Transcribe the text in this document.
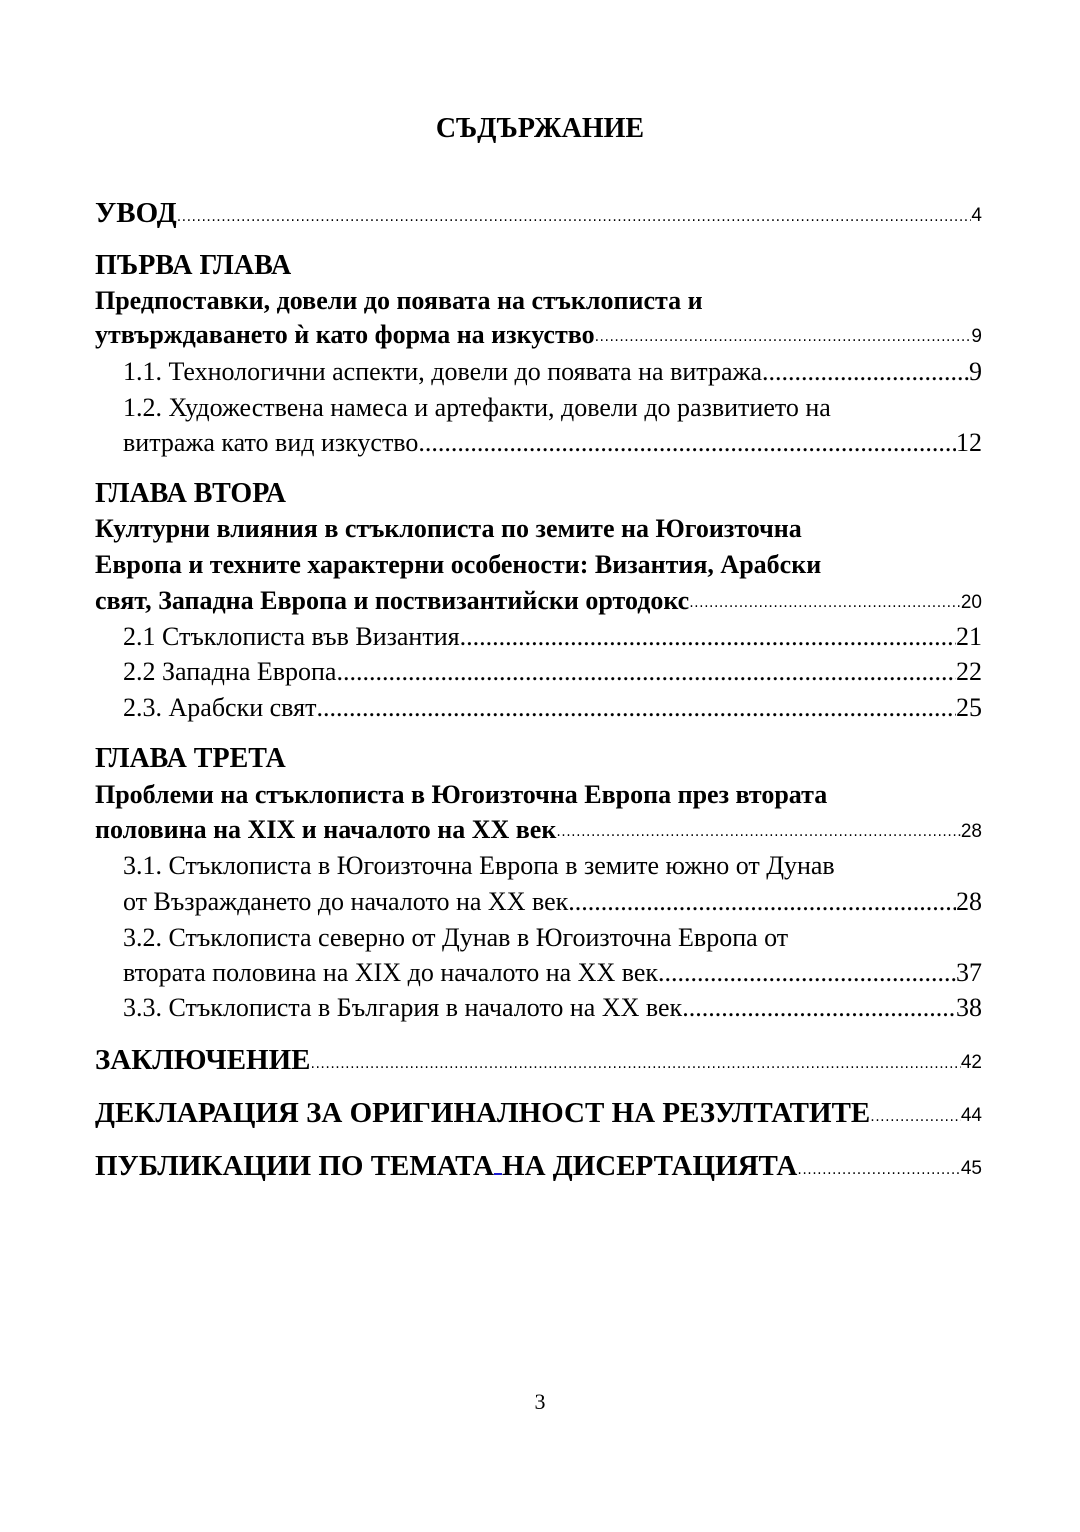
СЪДЪРЖАНИЕ
УВОД .....	4
ПЪРВА ГЛАВА
Предпоставки, довели до появата на стъклописта и
утвърждаването ѝ като форма на изкуство .....	9
1.1. Технологични аспекти, довели до появата на витража. .....	9
1.2. Художествена намеса и артефакти, довели до развитието на
витража като вид изкуство. .....	12
ГЛАВА ВТОРА
Културни влияния в стъклописта по земите на Югоизточна
Европа и техните характерни особености: Византия, Арабски
свят, Западна Европа и поствизантийски ортодокс .....	20
2.1 Стъклописта във Византия .....	21
2.2 Западна Европа .....	22
2.3. Арабски свят .....	25
ГЛАВА ТРЕТА
Проблеми на стъклописта в Югоизточна Европа през втората
половина на XIX и началото на XX век .....	28
3.1. Стъклописта в Югоизточна Европа в земите южно от Дунав
от Възраждането до началото на XX век .....	28
3.2. Стъклописта северно от Дунав в Югоизточна Европа от
втората половина на XIX до началото на XX век .....	37
3.3. Стъклописта в България в началото на XX век .....	38
ЗАКЛЮЧЕНИЕ .....	42
ДЕКЛАРАЦИЯ ЗА ОРИГИНАЛНОСТ НА РЕЗУЛТАТИТЕ .....	44
ПУБЛИКАЦИИ ПО ТЕМАТА НА ДИСЕРТАЦИЯТА .....	45
3
